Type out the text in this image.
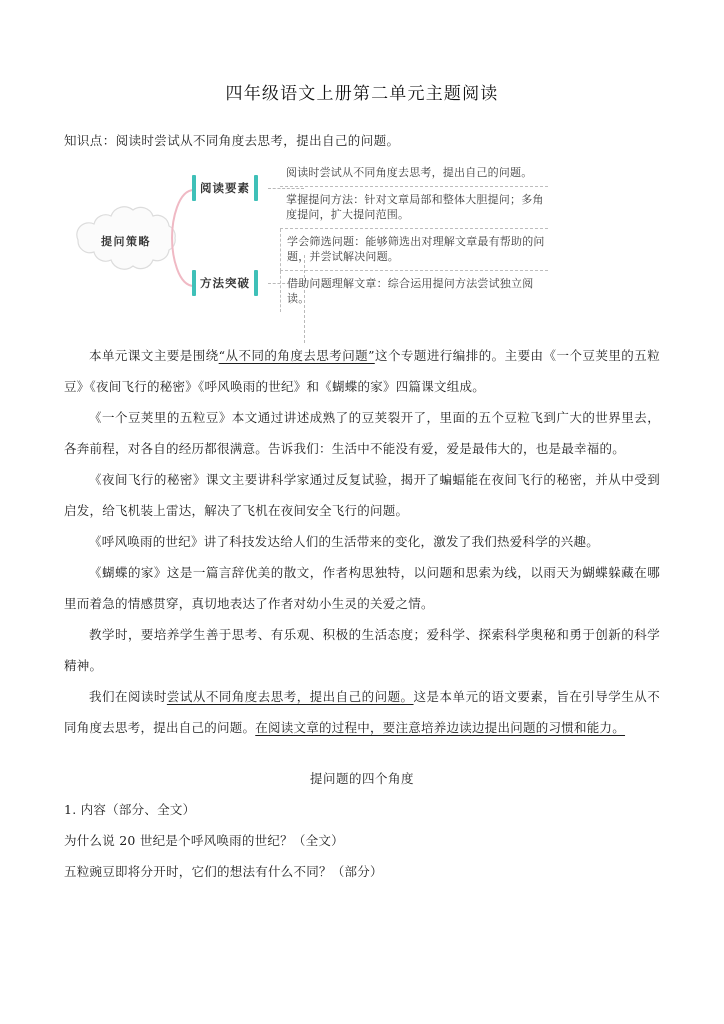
四年级语文上册第二单元主题阅读
知识点：阅读时尝试从不同角度去思考，提出自己的问题。
提问策略
阅读要素
方法突破
阅读时尝试从不同角度去思考，提出自己的问题。
掌握提问方法：针对文章局部和整体大胆提问；多角度提问，扩大提问范围。
学会筛选问题：能够筛选出对理解文章最有帮助的问题，并尝试解决问题。
借助问题理解文章：综合运用提问方法尝试独立阅读。

本单元课文主要是围绕“从不同的角度去思考问题”这个专题进行编排的。主要由《一个豆荚里的五粒豆》《夜间飞行的秘密》《呼风唤雨的世纪》和《蝴蝶的家》四篇课文组成。

《一个豆荚里的五粒豆》本文通过讲述成熟了的豆荚裂开了，里面的五个豆粒飞到广大的世界里去，各奔前程，对各自的经历都很满意。告诉我们：生活中不能没有爱，爱是最伟大的，也是最幸福的。

《夜间飞行的秘密》课文主要讲科学家通过反复试验，揭开了蝙蝠能在夜间飞行的秘密，并从中受到启发，给飞机装上雷达，解决了飞机在夜间安全飞行的问题。

《呼风唤雨的世纪》讲了科技发达给人们的生活带来的变化，激发了我们热爱科学的兴趣。

《蝴蝶的家》这是一篇言辞优美的散文，作者构思独特，以问题和思索为线，以雨天为蝴蝶躲藏在哪里而着急的情感贯穿，真切地表达了作者对幼小生灵的关爱之情。

教学时，要培养学生善于思考、有乐观、积极的生活态度；爱科学、探索科学奥秘和勇于创新的科学精神。

我们在阅读时尝试从不同角度去思考，提出自己的问题。这是本单元的语文要素，旨在引导学生从不同角度去思考，提出自己的问题。在阅读文章的过程中，要注意培养边读边提出问题的习惯和能力。

提问题的四个角度
1. 内容（部分、全文）
为什么说 20 世纪是个呼风唤雨的世纪？（全文）
五粒豌豆即将分开时，它们的想法有什么不同？（部分）
